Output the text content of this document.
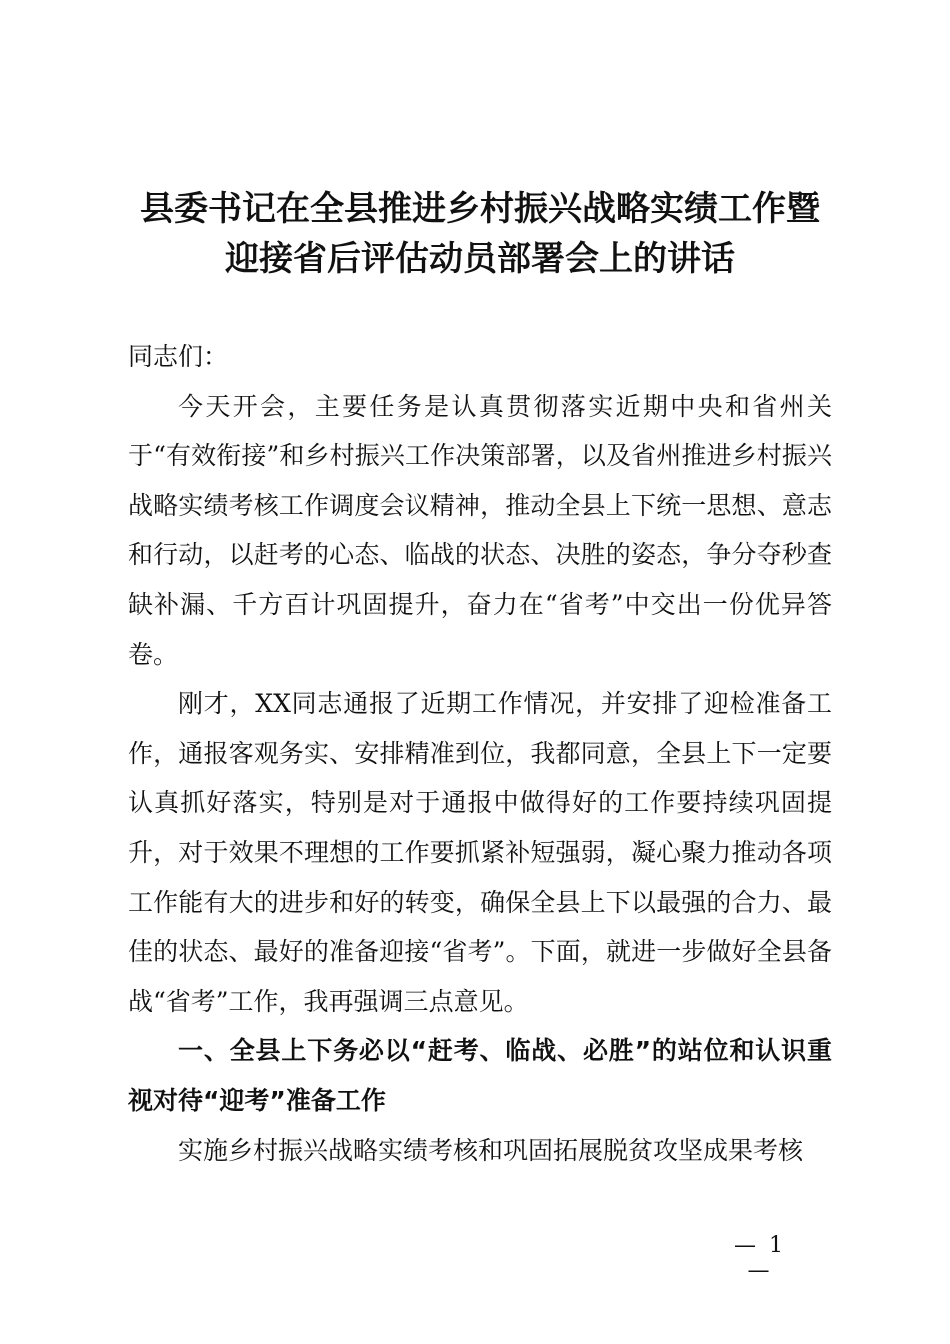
县委书记在全县推进乡村振兴战略实绩工作暨
迎接省后评估动员部署会上的讲话

同志们：

今天开会，主要任务是认真贯彻落实近期中央和省州关于“有效衔接”和乡村振兴工作决策部署，以及省州推进乡村振兴战略实绩考核工作调度会议精神，推动全县上下统一思想、意志和行动，以赶考的心态、临战的状态、决胜的姿态，争分夺秒查缺补漏、千方百计巩固提升，奋力在“省考”中交出一份优异答卷。

刚才，XX同志通报了近期工作情况，并安排了迎检准备工作，通报客观务实、安排精准到位，我都同意，全县上下一定要认真抓好落实，特别是对于通报中做得好的工作要持续巩固提升，对于效果不理想的工作要抓紧补短强弱，凝心聚力推动各项工作能有大的进步和好的转变，确保全县上下以最强的合力、最佳的状态、最好的准备迎接“省考”。下面，就进一步做好全县备战“省考”工作，我再强调三点意见。

一、全县上下务必以“赶考、临战、必胜”的站位和认识重视对待“迎考”准备工作

实施乡村振兴战略实绩考核和巩固拓展脱贫攻坚成果考核

— 1 —
